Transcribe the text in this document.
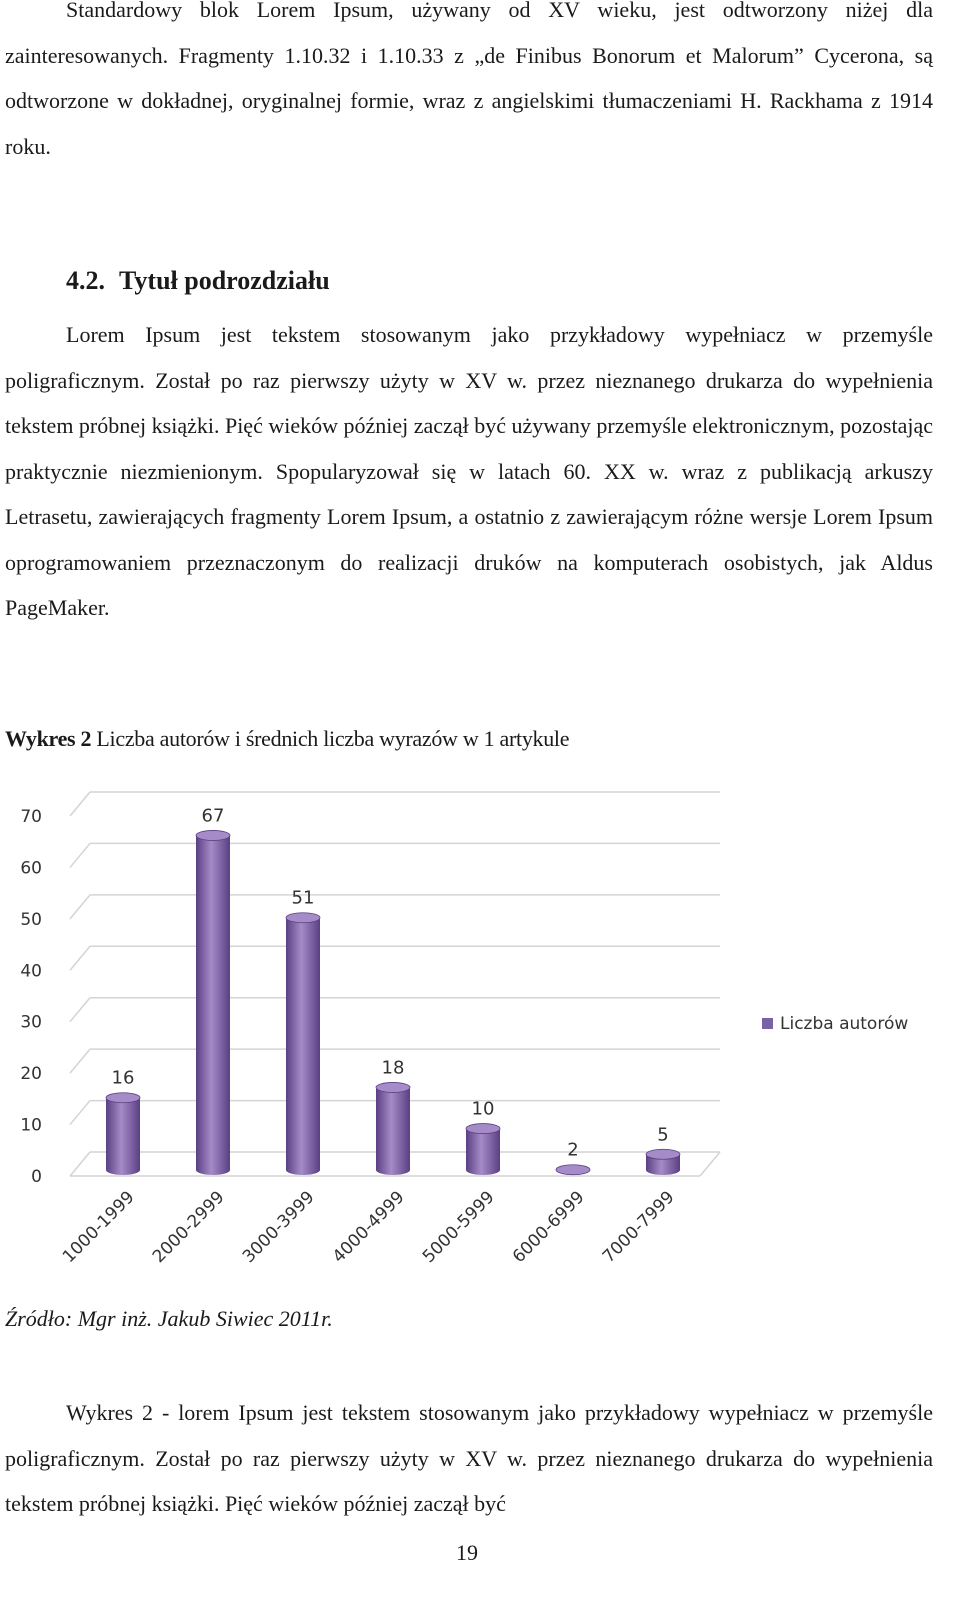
Standardowy blok Lorem Ipsum, używany od XV wieku, jest odtworzony niżej dla zainteresowanych. Fragmenty 1.10.32 i 1.10.33 z „de Finibus Bonorum et Malorum” Cycerona, są odtworzone w dokładnej, oryginalnej formie, wraz z angielskimi tłumaczeniami H. Rackhama z 1914 roku.

4.2. Tytuł podrozdziału

Lorem Ipsum jest tekstem stosowanym jako przykładowy wypełniacz w przemyśle poligraficznym. Został po raz pierwszy użyty w XV w. przez nieznanego drukarza do wypełnienia tekstem próbnej książki. Pięć wieków później zaczął być używany przemyśle elektronicznym, pozostając praktycznie niezmienionym. Spopularyzował się w latach 60. XX w. wraz z publikacją arkuszy Letrasetu, zawierających fragmenty Lorem Ipsum, a ostatnio z zawierającym różne wersje Lorem Ipsum oprogramowaniem przeznaczonym do realizacji druków na komputerach osobistych, jak Aldus PageMaker.

Wykres 2 Liczba autorów i średnich liczba wyrazów w 1 artykule

0
10
20
30
40
50
60
70
16
1000-1999
67
2000-2999
51
3000-3999
18
4000-4999
10
5000-5999
2
6000-6999
5
7000-7999
Liczba autorów

Źródło: Mgr inż. Jakub Siwiec 2011r.

Wykres 2 - lorem Ipsum jest tekstem stosowanym jako przykładowy wypełniacz w przemyśle poligraficznym. Został po raz pierwszy użyty w XV w. przez nieznanego drukarza do wypełnienia tekstem próbnej książki. Pięć wieków później zaczął być

19
